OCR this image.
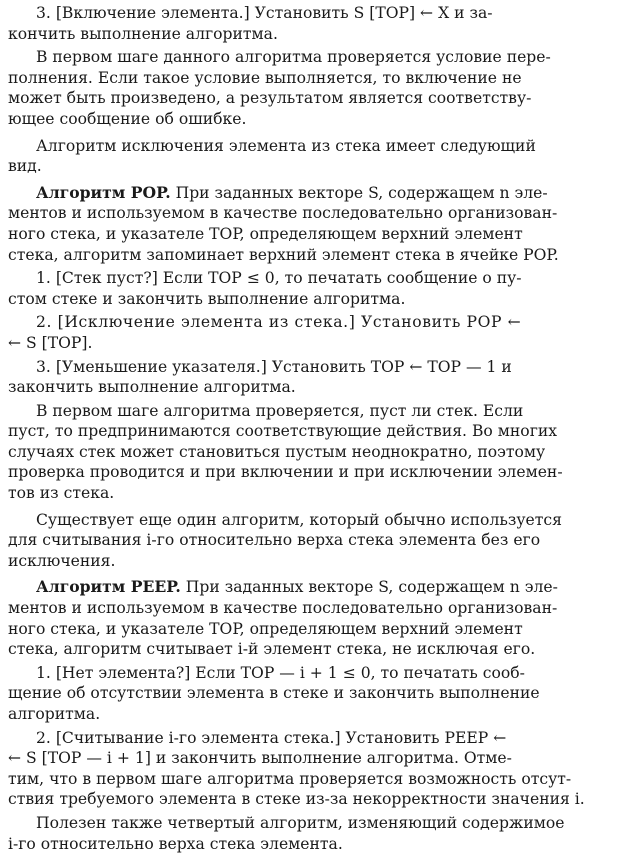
3. [Включение элемента.] Установить S [TOP] ← X и за-
кончить выполнение алгоритма.
В первом шаге данного алгоритма проверяется условие пере-
полнения. Если такое условие выполняется, то включение не
может быть произведено, а результатом является соответству-
ющее сообщение об ошибке.
Алгоритм исключения элемента из стека имеет следующий
вид.
Алгоритм POP. При заданных векторе S, содержащем n эле-
ментов и используемом в качестве последовательно организован-
ного стека, и указателе TOP, определяющем верхний элемент
стека, алгоритм запоминает верхний элемент стека в ячейке POP.
1. [Стек пуст?] Если TOP ≤ 0, то печатать сообщение о пу-
стом стеке и закончить выполнение алгоритма.
2. [Исключение элемента из стека.] Установить POP ←
← S [TOP].
3. [Уменьшение указателя.] Установить TOP ← TOP — 1 и
закончить выполнение алгоритма.
В первом шаге алгоритма проверяется, пуст ли стек. Если
пуст, то предпринимаются соответствующие действия. Во многих
случаях стек может становиться пустым неоднократно, поэтому
проверка проводится и при включении и при исключении элемен-
тов из стека.
Существует еще один алгоритм, который обычно используется
для считывания i-го относительно верха стека элемента без его
исключения.
Алгоритм PEEP. При заданных векторе S, содержащем n эле-
ментов и используемом в качестве последовательно организован-
ного стека, и указателе TOP, определяющем верхний элемент
стека, алгоритм считывает i-й элемент стека, не исключая его.
1. [Нет элемента?] Если TOP — i + 1 ≤ 0, то печатать сооб-
щение об отсутствии элемента в стеке и закончить выполнение
алгоритма.
2. [Считывание i-го элемента стека.] Установить PEEP ←
← S [TOP — i + 1] и закончить выполнение алгоритма. Отме-
тим, что в первом шаге алгоритма проверяется возможность отсут-
ствия требуемого элемента в стеке из-за некорректности значения i.
Полезен также четвертый алгоритм, изменяющий содержимое
i-го относительно верха стека элемента.
